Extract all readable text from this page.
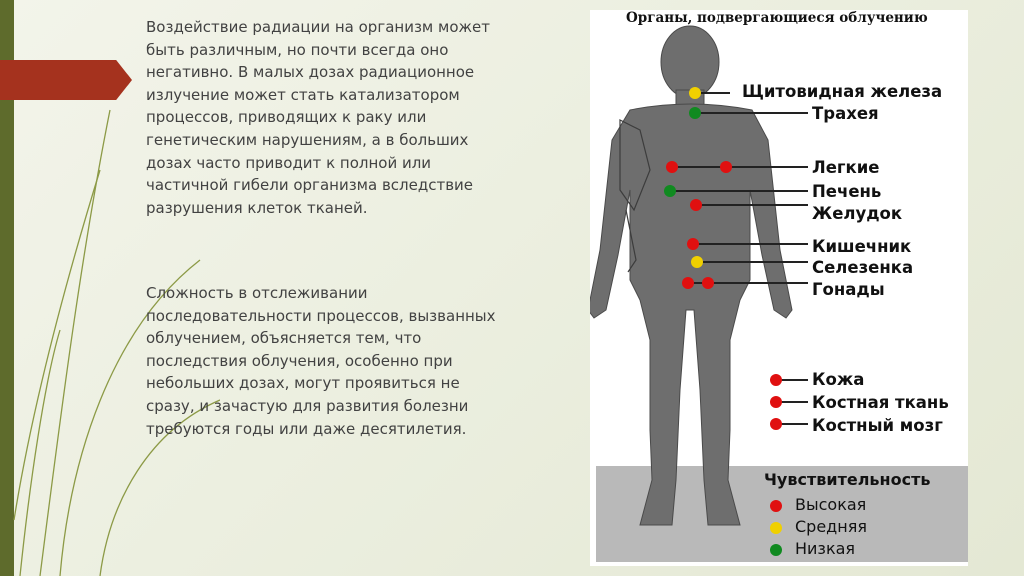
Воздействие радиации на организм может быть различным, но почти всегда оно негативно. В малых дозах радиационное излучение может стать катализатором процессов, приводящих к раку или генетическим нарушениям, а в больших дозах часто приводит к полной или частичной гибели организма вследствие разрушения клеток тканей.
Сложность в отслеживании последовательности процессов, вызванных облучением, объясняется тем, что последствия облучения, особенно при небольших дозах, могут проявиться не сразу, и зачастую для развития болезни требуются годы или даже десятилетия.
Органы, подвергающиеся облучению
Щитовидная железа
Трахея
Легкие
Печень
Желудок
Кишечник
Селезенка
Гонады
Кожа
Костная ткань
Костный мозг
Чувствительность
Высокая
Средняя
Низкая
